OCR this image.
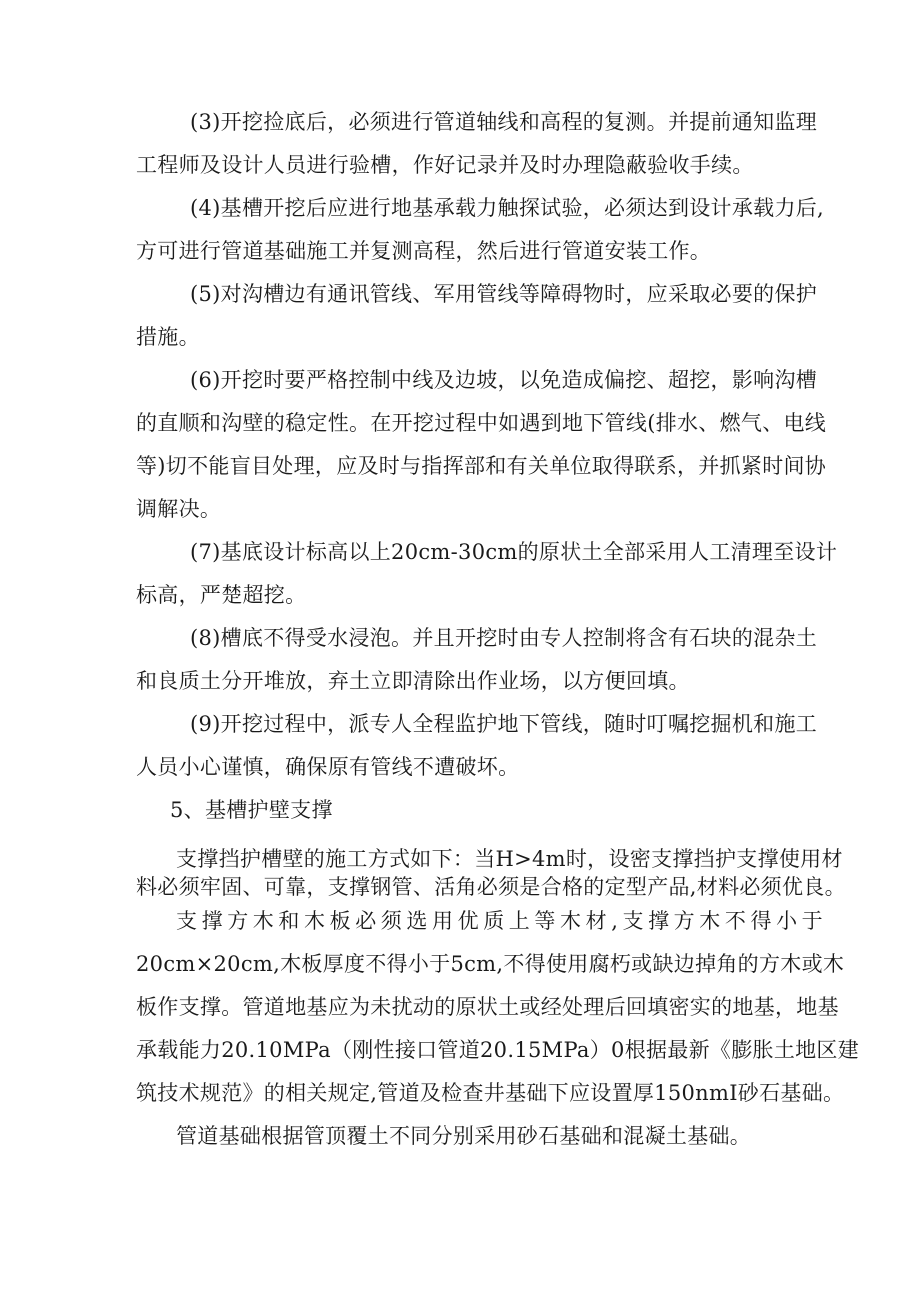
(3)开挖捡底后，必须进行管道轴线和高程的复测。并提前通知监理
工程师及设计人员进行验槽，作好记录并及时办理隐蔽验收手续。
(4)基槽开挖后应进行地基承载力触探试验，必须达到设计承载力后,
方可进行管道基础施工并复测高程，然后进行管道安装工作。
(5)对沟槽边有通讯管线、军用管线等障碍物时，应采取必要的保护
措施。
(6)开挖时要严格控制中线及边坡，以免造成偏挖、超挖，影响沟槽
的直顺和沟壁的稳定性。在开挖过程中如遇到地下管线(排水、燃气、电线
等)切不能盲目处理，应及时与指挥部和有关单位取得联系，并抓紧时间协
调解决。
(7)基底设计标高以上20cm-30cm的原状土全部采用人工清理至设计
标高，严楚超挖。
(8)槽底不得受水浸泡。并且开挖时由专人控制将含有石块的混杂土
和良质土分开堆放，弃土立即清除出作业场，以方便回填。
(9)开挖过程中，派专人全程监护地下管线，随时叮嘱挖掘机和施工
人员小心谨慎，确保原有管线不遭破坏。
5、基槽护壁支撑
支撑挡护槽壁的施工方式如下：当H>4m时，设密支撑挡护支撑使用材
料必须牢固、可靠，支撑钢管、活角必须是合格的定型产品,材料必须优良。
支撑方木和木板必须选用优质上等木材,支撑方木不得小于
20cm×20cm,木板厚度不得小于5cm,不得使用腐朽或缺边掉角的方木或木
板作支撑。管道地基应为未扰动的原状土或经处理后回填密实的地基，地基
承载能力20.10MPa（刚性接口管道20.15MPa）0根据最新《膨胀土地区建
筑技术规范》的相关规定,管道及检查井基础下应设置厚150nmI砂石基础。
管道基础根据管顶覆土不同分别采用砂石基础和混凝土基础。
